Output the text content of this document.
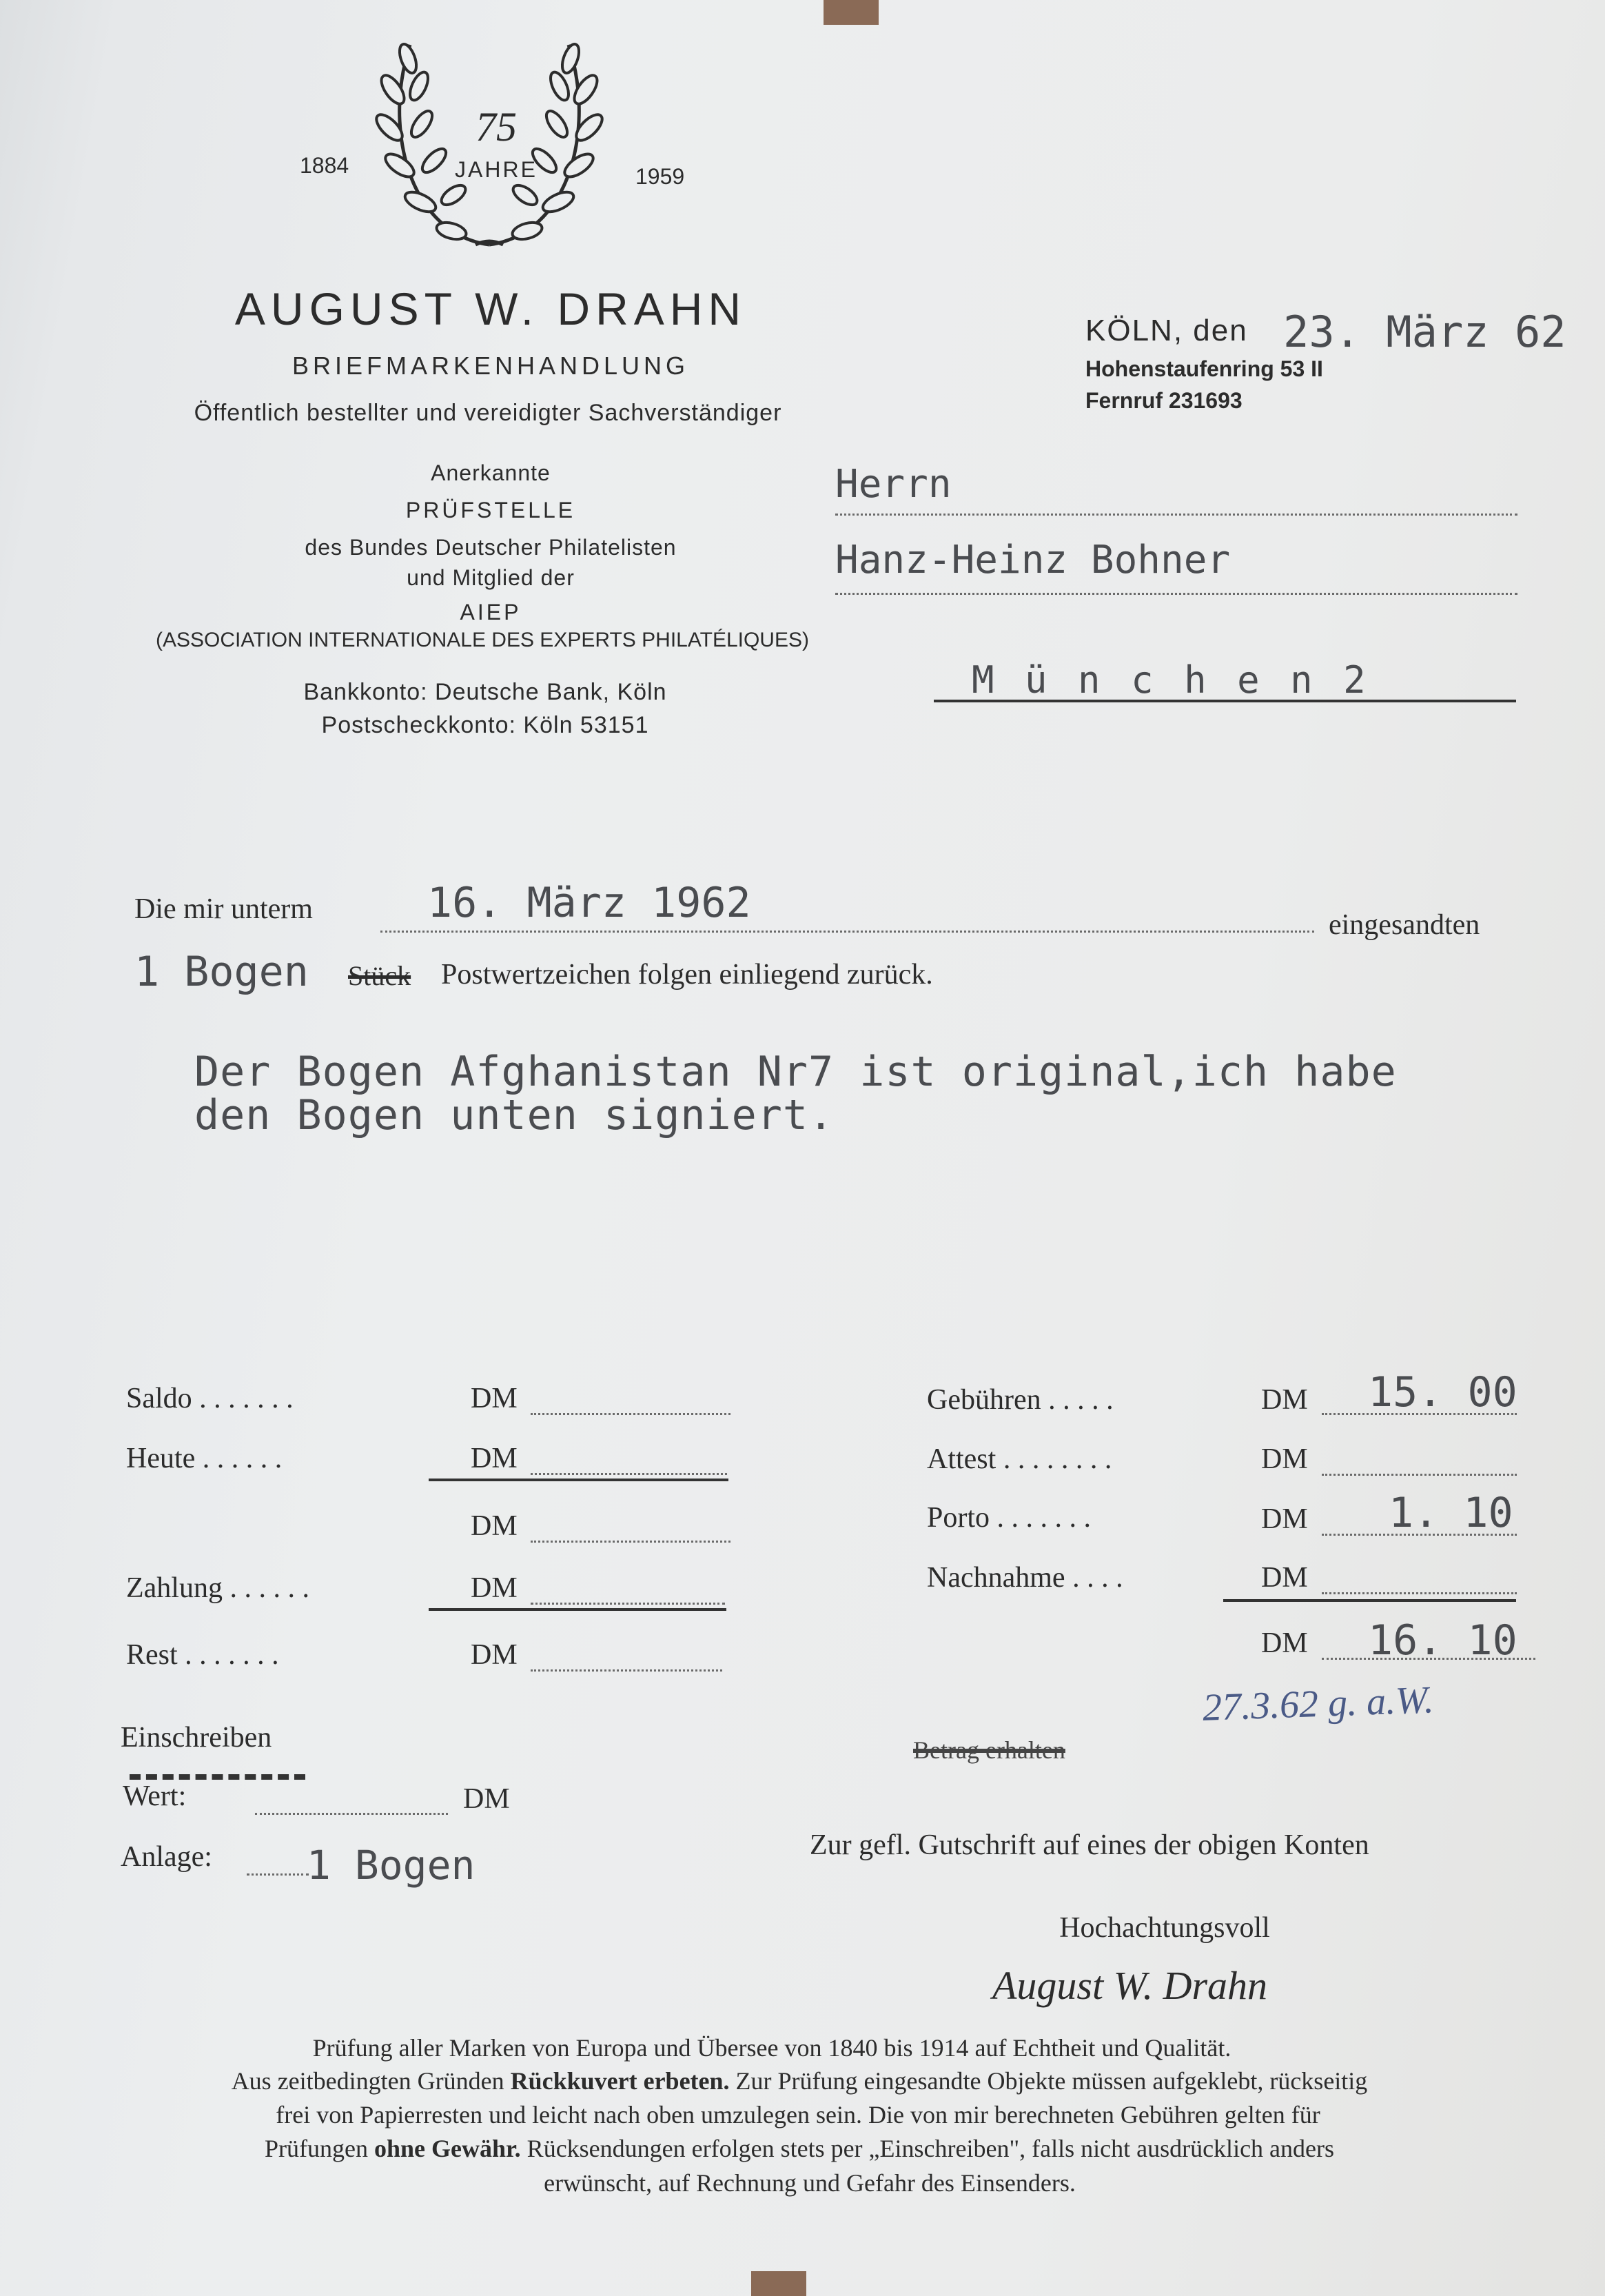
75
JAHRE
1884	1959
AUGUST W. DRAHN
BRIEFMARKENHANDLUNG
Öffentlich bestellter und vereidigter Sachverständiger
Anerkannte
PRÜFSTELLE
des Bundes Deutscher Philatelisten
und Mitglied der
AIEP
(ASSOCIATION INTERNATIONALE DES EXPERTS PHILATÉLIQUES)
Bankkonto: Deutsche Bank, Köln
Postscheckkonto: Köln 53151
KÖLN, den 23. März 62
Hohenstaufenring 53 II
Fernruf 231693
Herrn
Hanz-Heinz Bohner
M ü n c h e n 2
Die mir unterm	16. März 1962	eingesandten
1 Bogen Stück Postwertzeichen folgen einliegend zurück.
Der Bogen Afghanistan Nr7 ist original,ich habe
den Bogen unten signiert.
Saldo . . . . . . .	DM
Heute . . . . . .	DM
DM
Zahlung . . . . . .	DM
Rest . . . . . . .	DM
Gebühren . . . . .	DM 15. 00
Attest . . . . . . . .	DM
Porto . . . . . . .	DM 1. 10
Nachnahme . . . .	DM
DM 16. 10
27.3.62 g. a.W.
Betrag erhalten
Einschreiben
Wert:	DM
Anlage: 1 Bogen	Zur gefl. Gutschrift auf eines der obigen Konten
Hochachtungsvoll
August W. Drahn
Prüfung aller Marken von Europa und Übersee von 1840 bis 1914 auf Echtheit und Qualität.
Aus zeitbedingten Gründen Rückkuvert erbeten. Zur Prüfung eingesandte Objekte müssen aufgeklebt, rückseitig
frei von Papierresten und leicht nach oben umzulegen sein. Die von mir berechneten Gebühren gelten für
Prüfungen ohne Gewähr. Rücksendungen erfolgen stets per „Einschreiben", falls nicht ausdrücklich anders
erwünscht, auf Rechnung und Gefahr des Einsenders.
